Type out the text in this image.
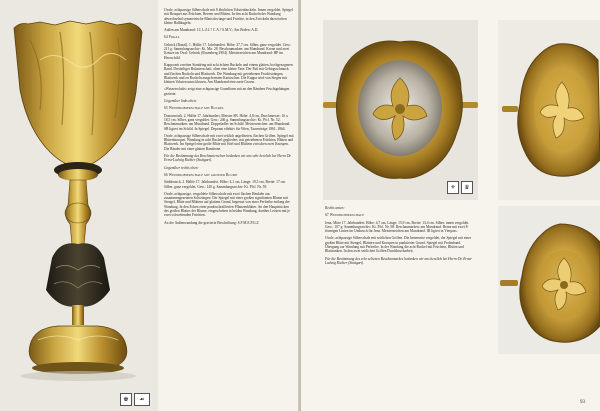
♚	☙

Ovale, achtpassige Silberschale mit 8 ähnlichen Volutenbuckeln. Innen vergoldet. Spiegel mit Bouquet aus Früchten, Beeren und Blüten. In den acht Buckeln der Wandung abwechselnd symmetrische Blattschwünge und Früchte, in den Zwickeln dazwischen kleine Halbkugeln.

Außen am Mundrand: I.C.L.Z.L? C.A.? S.M.V.; Am Boden: A.D.

64 Pokal

Gelnick (Bunzl), 1. Hälfte 17. Jahrhundert. Höhe: 27,7 cm. Silber, ganz vergoldet. Gew.: 211 g. Sammlungsarchiv: Kt. Mir. 28. Beschaumarken: am Mundrand. Krone und zwei Kreuze im Oval: Gelnick (Rosenberg 2904). Meisterzeichen am Mundrand: HP im Herzschild.

Kuppa mit zweiten Standring mit acht ächten Buckeln und einem glatten, hochgezogenen Rand. Dreiteiliger Balusterschaft, oben eine kleine Vase. Der Fuß mit Gebirgsschmuck und flachen Buckeln und Blattwerk. Die Wandung mit getriebenen Fruchtsträngen, Blattwerk und zu Buckeln ausgeformten Kartuschen. Die Kuppa wird von Stegen mit kleinen Voluten umschlossen. Am Mundrand eine zarte Gravur.

»Wasserschale« zeigt eine achtpassige Grundform mit an den Rändern Fruchtgehängen gezierte.

Gegenüber links oben:

65 Weinprobierschale mit Buckel

Donauwörth, 2. Hälfte 17. Jahrhundert, Meister SB. Höhe: 4,8 cm, Durchmesser: 16 x 18,5 cm. Silber, ganz vergoldet. Gew.: 246 g. Sammlungsarchiv: Kt. Pfcl. Nr. 52. Beschaumarken: am Mundrand. Doppeladler im Schild. Meisterzeichen: am Mundrand. SB ligiert im Schild. In Spiegel. Deponat effektiv für Wien, Tauverträge 1861–1864.

Ovale, achtpassige Silberschale mit zwei seitlich angelöteten, flachen Griffen. Spiegel mit Blütenbouquet. Wandung in acht Buckel gegliedert, mit getriebenen Früchten, Blüten und Blattwerk. Im Spiegel eine große Blüte mit Stiel und Blättern zwischen zwei Knospen. Die Ränder mit einer glatten Randzone.

Für die Bestimmung des Brachmaierschen bedanken wir uns sehr herzlich bei Herrn Dr. Ernst-Ludwig Richter (Stuttgart).

Gegenüber rechts oben:

66 Weinprobierschale mit großer Blume

Süddeutsch, 2. Hälfte 17. Jahrhundert. Höhe: 4,1 cm, Länge: 19,5 cm, Breite: 17 cm. Silber, ganz vergoldet. Gew.: 140 g. Sammlungsarchiv: Kt. Pfcl. Nr. 59.

Ovale, achtpassige, vergoldete Silberschale mit zwei flachen Henkeln aus zusammengesetzten Schwüngen. Der Spiegel mit einer großen signifianten Blume mit Stengel, Blüte und Blättern auf glattem Grund, begrenzt von einer Perlreihe entlang der Wandung. In den Ecken einer punktschraffierten Pflanzenblätter. An den Hauptstücken des großen Blattes der Blume, eingeschoben in beiden Wandung, darüber Leisten mit je zwei schwebenden Früchten.

An der Außenwandung die gravierte Beschriftung: S.P M.E.P.G.Z

⚜	♛

Rechts unten:

67 Weinprobierschale

Jena, Mitte 17. Jahrhundert. Höhe: 4,7 cm, Länge: 15,9 cm, Breite: 13,4 cm. Silber, innen vergoldet. Gew.: 107 g. Sammlungsarchiv: Kt. Pfcl. Nr. 98. Beschaumarken: am Mundrand. Berne mit zwei 8-förmigen Linien im Umbruch für Jena. Meisterzeichen am Mundrand. IR ligiert in Vierpass.

Ovale, achtpassige Silberschale mit seitlichen Griffen. Die Innenseite vergoldet, der Spiegel mit einer großen Blüte mit Stengel, Blättern und Knospen in punktierter Grund. Spiegel mit Perlenband. Übergang zur Wandung mit Perlreihe. In der Wandung die acht Buckel mit Früchten, Blüten und Blattranken. In den zwei seitlichen Griffen Durchbrucharbeit.

Für die Bestimmung des sehr seltenen Beschaumarkes bedanken wir uns herzlich bei Herrn Dr. Ernst-Ludwig Richter (Stuttgart).

93
